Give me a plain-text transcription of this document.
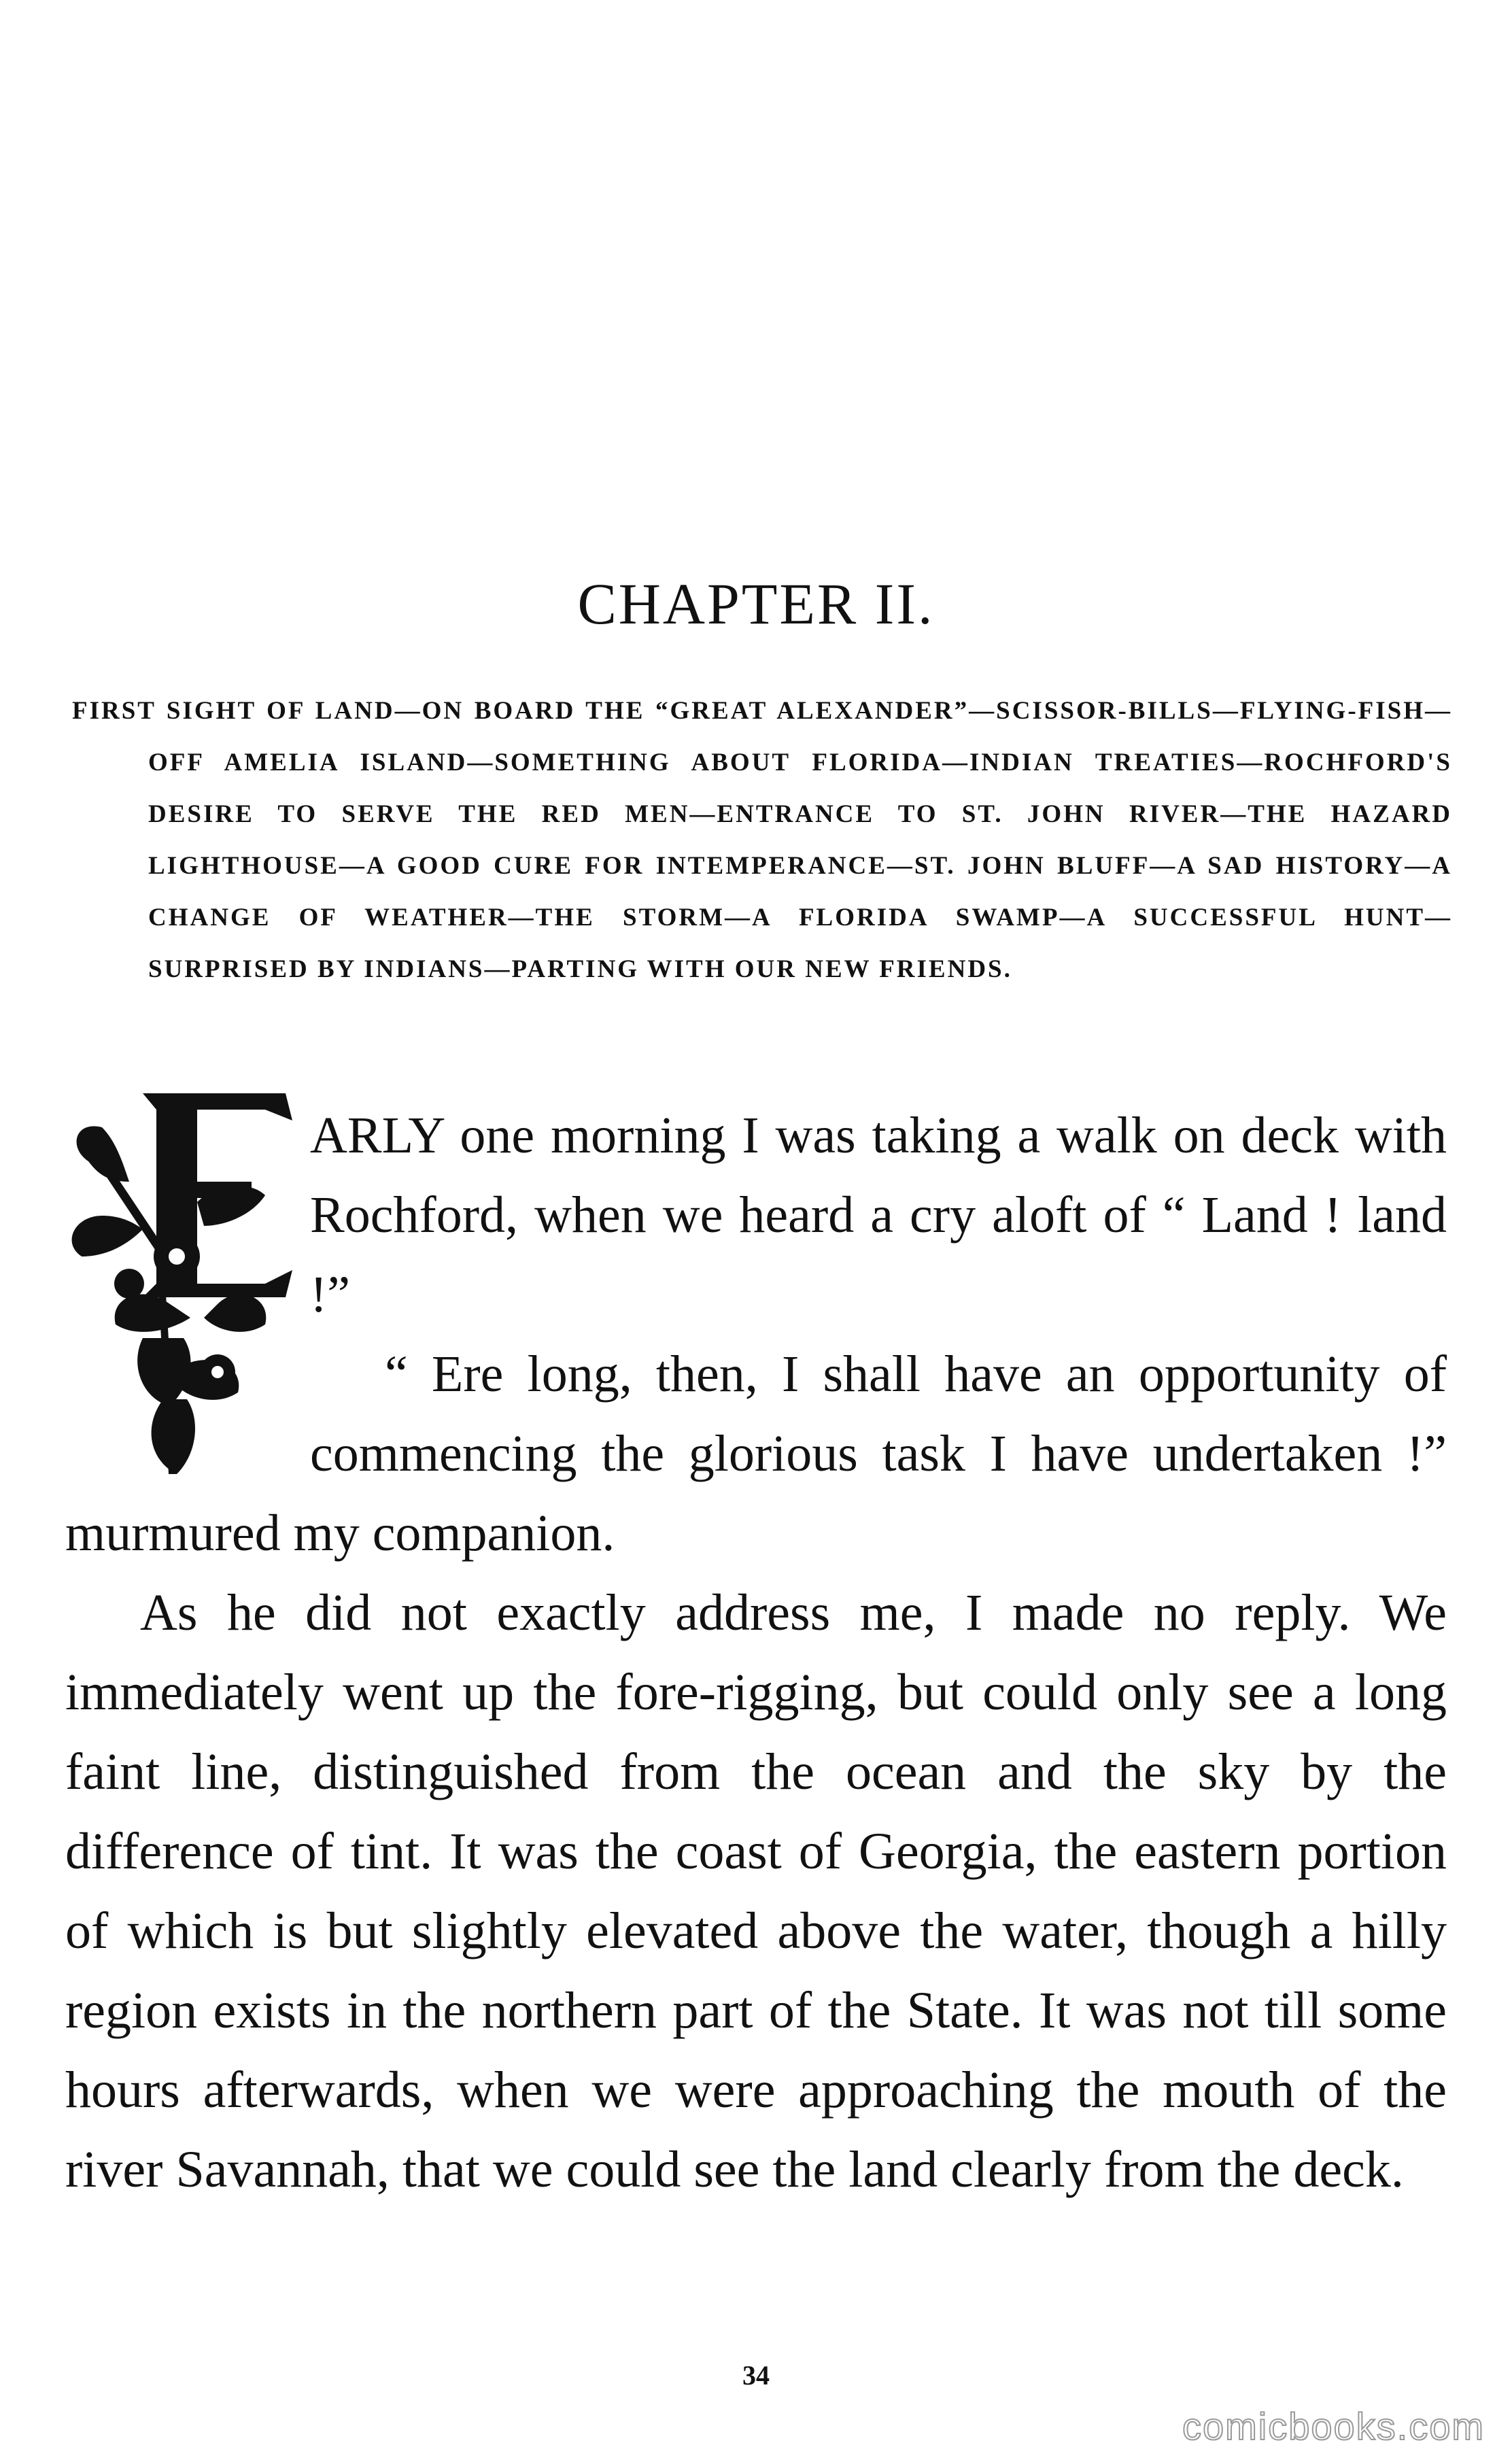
CHAPTER II.
FIRST SIGHT OF LAND—ON BOARD THE “GREAT ALEXANDER”—SCISSOR-BILLS—FLYING-FISH—OFF AMELIA ISLAND—SOMETHING ABOUT FLORIDA—INDIAN TREATIES—ROCHFORD'S DESIRE TO SERVE THE RED MEN—ENTRANCE TO ST. JOHN RIVER—THE HAZARD LIGHTHOUSE—A GOOD CURE FOR INTEMPERANCE—ST. JOHN BLUFF—A SAD HISTORY—A CHANGE OF WEATHER—THE STORM—A FLORIDA SWAMP—A SUCCESSFUL HUNT—SURPRISED BY INDIANS—PARTING WITH OUR NEW FRIENDS.

ARLY one morning I was taking a walk on deck with Rochford, when we heard a cry aloft of “ Land ! land !”

“ Ere long, then, I shall have an opportunity of commencing the glorious task I have undertaken !” murmured my companion.

As he did not exactly address me, I made no reply. We immediately went up the fore-rigging, but could only see a long faint line, distinguished from the ocean and the sky by the difference of tint. It was the coast of Georgia, the eastern portion of which is but slightly elevated above the water, though a hilly region exists in the northern part of the State. It was not till some hours afterwards, when we were approaching the mouth of the river Savannah, that we could see the land clearly from the deck.

34
comicbooks.com
